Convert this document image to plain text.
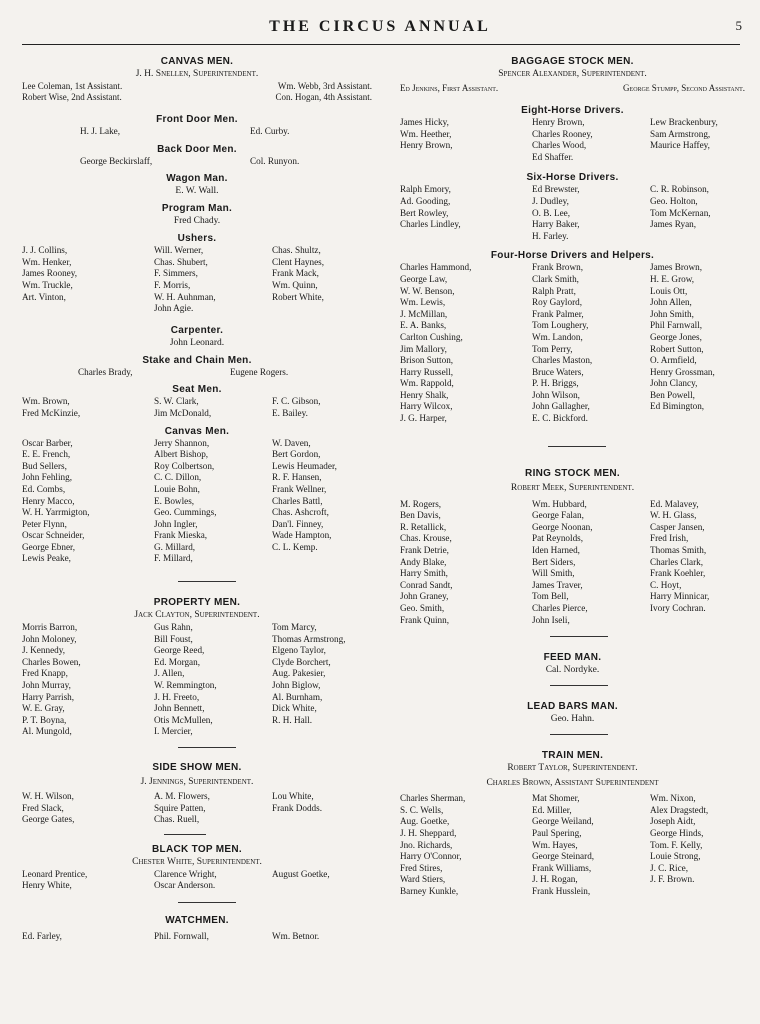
THE CIRCUS ANNUAL	5
CANVAS MEN.
J. H. Snellen, Superintendent.
Lee Coleman, 1st Assistant.	Wm. Webb, 3rd Assistant.
Robert Wise, 2nd Assistant.	Con. Hogan, 4th Assistant.
Front Door Men.
H. J. Lake,	Ed. Curby.
Back Door Men.
George Beckirslaff,	Col. Runyon.
Wagon Man.
E. W. Wall.
Program Man.
Fred Chady.
Ushers.
J. J. Collins,	Will. Werner,	Chas. Shultz,
Wm. Henker,	Chas. Shubert,	Clent Haynes,
James Rooney,	F. Simmers,	Frank Mack,
Wm. Truckle,	F. Morris,	Wm. Quinn,
Art. Vinton,	W. H. Auhnman,	Robert White,
John Agie.
Carpenter.
John Leonard.
Stake and Chain Men.
Charles Brady,	Eugene Rogers.
Seat Men.
Wm. Brown,	S. W. Clark,	F. C. Gibson,
Fred McKinzie,	Jim McDonald,	E. Bailey.
Canvas Men.
Oscar Barber,	Jerry Shannon,	W. Daven,
E. E. French,	Albert Bishop,	Bert Gordon,
Bud Sellers,	Roy Colbertson,	Lewis Heumader,
John Fehling,	C. C. Dillon,	R. F. Hansen,
Ed. Combs,	Louie Bohn,	Frank Wellner,
Henry Macco,	E. Bowles,	Charles Battl,
W. H. Yarrmigton,	Geo. Cummings,	Chas. Ashcroft,
Peter Flynn,	John Ingler,	Dan'l. Finney,
Oscar Schneider,	Frank Mieska,	Wade Hampton,
George Ebner,	G. Millard,	C. L. Kemp.
Lewis Peake,	F. Millard,
PROPERTY MEN.
Jack Clayton, Superintendent.
Morris Barron,	Gus Rahn,	Tom Marcy,
John Moloney,	Bill Foust,	Thomas Armstrong,
J. Kennedy,	George Reed,	Elgeno Taylor,
Charles Bowen,	Ed. Morgan,	Clyde Borchert,
Fred Knapp,	J. Allen,	Aug. Pakesier,
John Murray,	W. Remmington,	John Biglow,
Harry Parrish,	J. H. Freeto,	Al. Burnham,
W. E. Gray,	John Bennett,	Dick White,
P. T. Boyna,	Otis McMullen,	R. H. Hall.
Al. Mungold,	I. Mercier,
SIDE SHOW MEN.
J. Jennings, Superintendent.
W. H. Wilson,	A. M. Flowers,	Lou White,
Fred Slack,	Squire Patten,	Frank Dodds.
George Gates,	Chas. Ruell,
BLACK TOP MEN.
Chester White, Superintendent.
Leonard Prentice,	Clarence Wright,	August Goetke,
Henry White,	Oscar Anderson.
WATCHMEN.
Ed. Farley,	Phil. Fornwall,	Wm. Betnor.
BAGGAGE STOCK MEN.
Spencer Alexander, Superintendent.
Ed Jenkins, First Assistant.	George Stumpp, Second Assistant.
Eight-Horse Drivers.
James Hicky,	Henry Brown,	Lew Brackenbury,
Wm. Heether,	Charles Rooney,	Sam Armstrong,
Henry Brown,	Charles Wood,	Maurice Haffey,
Ed Shaffer.
Six-Horse Drivers.
Ralph Emory,	Ed Brewster,	C. R. Robinson,
Ad. Gooding,	J. Dudley,	Geo. Holton,
Bert Rowley,	O. B. Lee,	Tom McKernan,
Charles Lindley,	Harry Baker,	James Ryan,
H. Farley.
Four-Horse Drivers and Helpers.
Charles Hammond,	Frank Brown,	James Brown,
George Law,	Clark Smith,	H. E. Grow,
W. W. Benson,	Ralph Pratt,	Louis Ott,
Wm. Lewis,	Roy Gaylord,	John Allen,
J. McMillan,	Frank Palmer,	John Smith,
E. A. Banks,	Tom Loughery,	Phil Farnwall,
Carlton Cushing,	Wm. Landon,	George Jones,
Jim Mallory,	Tom Perry,	Robert Sutton,
Brison Sutton,	Charles Maston,	O. Armfield,
Harry Russell,	Bruce Waters,	Henry Grossman,
Wm. Rappold,	P. H. Briggs,	John Clancy,
Henry Shalk,	John Wilson,	Ben Powell,
Harry Wilcox,	John Gallagher,	Ed Bimington,
J. G. Harper,	E. C. Bickford.
RING STOCK MEN.
Robert Meek, Superintendent.
M. Rogers,	Wm. Hubbard,	Ed. Malavey,
Ben Davis,	George Falan,	W. H. Glass,
R. Retallick,	George Noonan,	Casper Jansen,
Chas. Krouse,	Pat Reynolds,	Fred Irish,
Frank Detrie,	Iden Harned,	Thomas Smith,
Andy Blake,	Bert Siders,	Charles Clark,
Harry Smith,	Will Smith,	Frank Koehler,
Conrad Sandt,	James Traver,	C. Hoyt,
John Graney,	Tom Bell,	Harry Minnicar,
Geo. Smith,	Charles Pierce,	Ivory Cochran.
Frank Quinn,	John Iseli,
FEED MAN.
Cal. Nordyke.
LEAD BARS MAN.
Geo. Hahn.
TRAIN MEN.
Robert Taylor, Superintendent.
Charles Brown, Assistant Superintendent
Charles Sherman,	Mat Shomer,	Wm. Nixon,
S. C. Wells,	Ed. Miller,	Alex Dragstedt,
Aug. Goetke,	George Weiland,	Joseph Aidt,
J. H. Sheppard,	Paul Spering,	George Hinds,
Jno. Richards,	Wm. Hayes,	Tom. F. Kelly,
Harry O'Connor,	George Steinard,	Louie Strong,
Fred Stires,	Frank Williams,	J. C. Rice,
Ward Stiers,	J. H. Rogan,	J. F. Brown.
Barney Kunkle,	Frank Husslein,
